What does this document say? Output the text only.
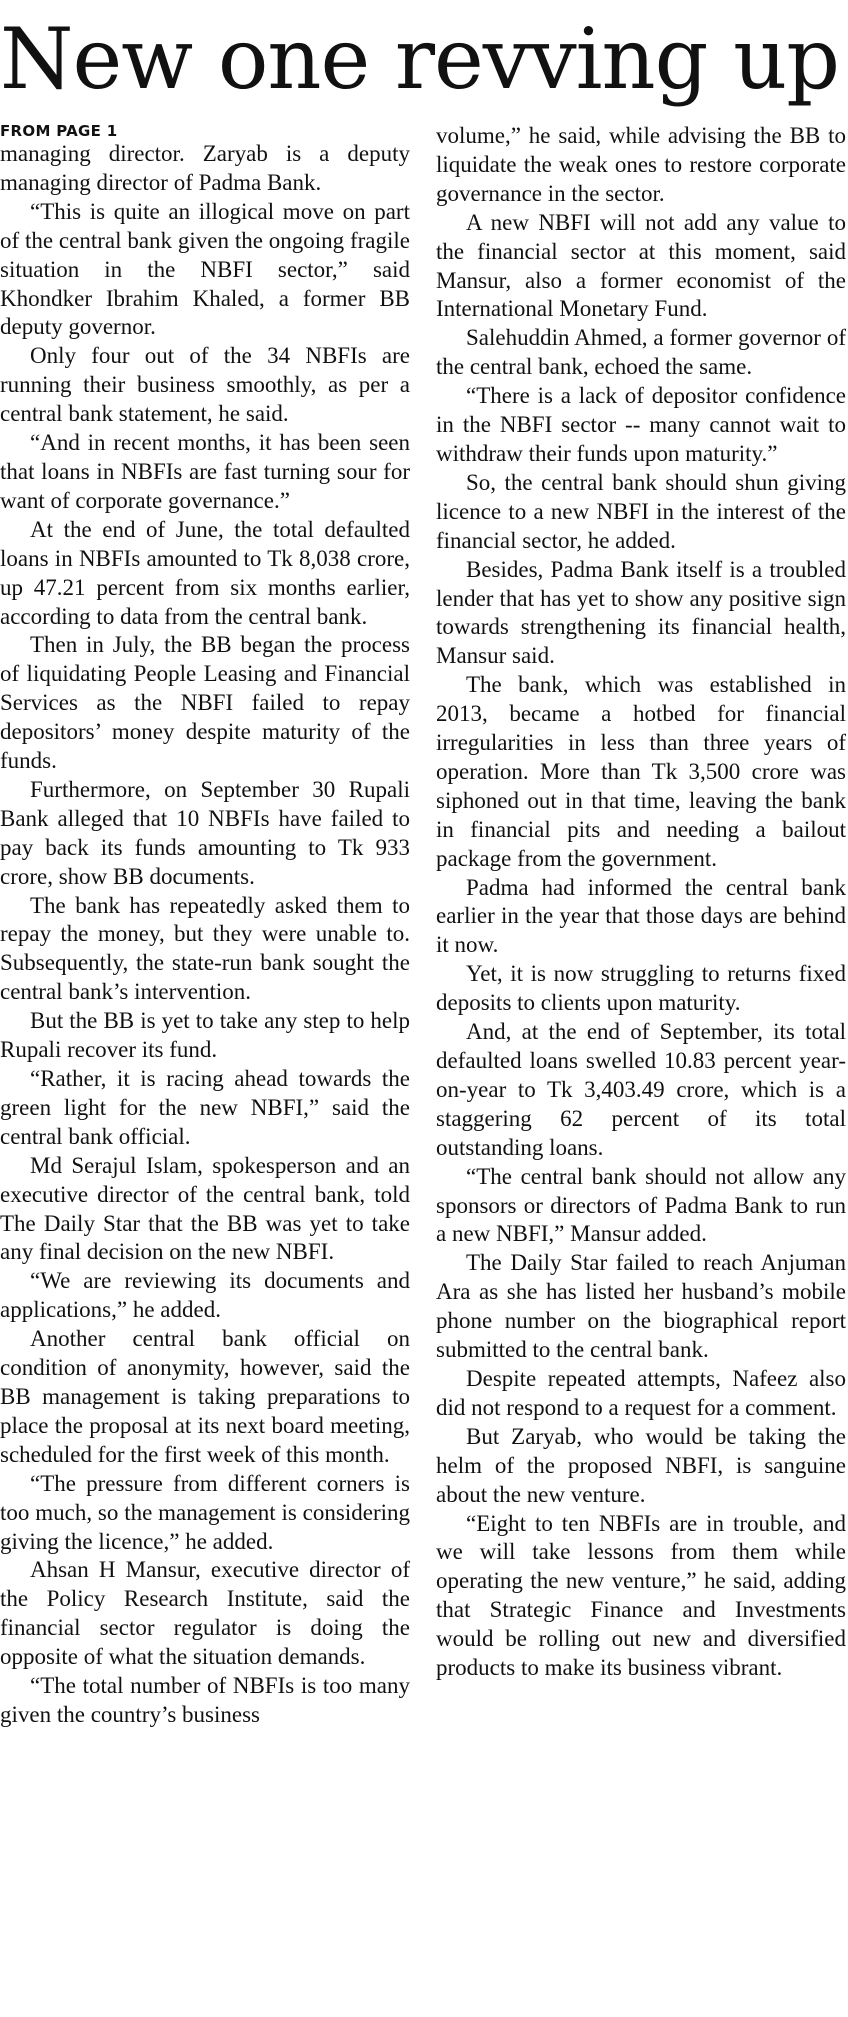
New one revving up

FROM PAGE 1

managing director. Zaryab is a deputy managing director of Padma Bank.

“This is quite an illogical move on part of the central bank given the ongoing fragile situation in the NBFI sector,” said Khondker Ibrahim Khaled, a former BB deputy governor.

Only four out of the 34 NBFIs are running their business smoothly, as per a central bank statement, he said.

“And in recent months, it has been seen that loans in NBFIs are fast turning sour for want of corporate governance.”

At the end of June, the total defaulted loans in NBFIs amounted to Tk 8,038 crore, up 47.21 percent from six months earlier, according to data from the central bank.

Then in July, the BB began the process of liquidating People Leasing and Financial Services as the NBFI failed to repay depositors’ money despite maturity of the funds.

Furthermore, on September 30 Rupali Bank alleged that 10 NBFIs have failed to pay back its funds amounting to Tk 933 crore, show BB documents.

The bank has repeatedly asked them to repay the money, but they were unable to. Subsequently, the state-run bank sought the central bank’s intervention.

But the BB is yet to take any step to help Rupali recover its fund.

“Rather, it is racing ahead towards the green light for the new NBFI,” said the central bank official.

Md Serajul Islam, spokesperson and an executive director of the central bank, told The Daily Star that the BB was yet to take any final decision on the new NBFI.

“We are reviewing its documents and applications,” he added.

Another central bank official on condition of anonymity, however, said the BB management is taking preparations to place the proposal at its next board meeting, scheduled for the first week of this month.

“The pressure from different corners is too much, so the management is considering giving the licence,” he added.

Ahsan H Mansur, executive director of the Policy Research Institute, said the financial sector regulator is doing the opposite of what the situation demands.

“The total number of NBFIs is too many given the country’s business

volume,” he said, while advising the BB to liquidate the weak ones to restore corporate governance in the sector.

A new NBFI will not add any value to the financial sector at this moment, said Mansur, also a former economist of the International Monetary Fund.

Salehuddin Ahmed, a former governor of the central bank, echoed the same.

“There is a lack of depositor confidence in the NBFI sector -- many cannot wait to withdraw their funds upon maturity.”

So, the central bank should shun giving licence to a new NBFI in the interest of the financial sector, he added.

Besides, Padma Bank itself is a troubled lender that has yet to show any positive sign towards strengthening its financial health, Mansur said.

The bank, which was established in 2013, became a hotbed for financial irregularities in less than three years of operation. More than Tk 3,500 crore was siphoned out in that time, leaving the bank in financial pits and needing a bailout package from the government.

Padma had informed the central bank earlier in the year that those days are behind it now.

Yet, it is now struggling to returns fixed deposits to clients upon maturity.

And, at the end of September, its total defaulted loans swelled 10.83 percent year-on-year to Tk 3,403.49 crore, which is a staggering 62 percent of its total outstanding loans.

“The central bank should not allow any sponsors or directors of Padma Bank to run a new NBFI,” Mansur added.

The Daily Star failed to reach Anjuman Ara as she has listed her husband’s mobile phone number on the biographical report submitted to the central bank.

Despite repeated attempts, Nafeez also did not respond to a request for a comment.

But Zaryab, who would be taking the helm of the proposed NBFI, is sanguine about the new venture.

“Eight to ten NBFIs are in trouble, and we will take lessons from them while operating the new venture,” he said, adding that Strategic Finance and Investments would be rolling out new and diversified products to make its business vibrant.
